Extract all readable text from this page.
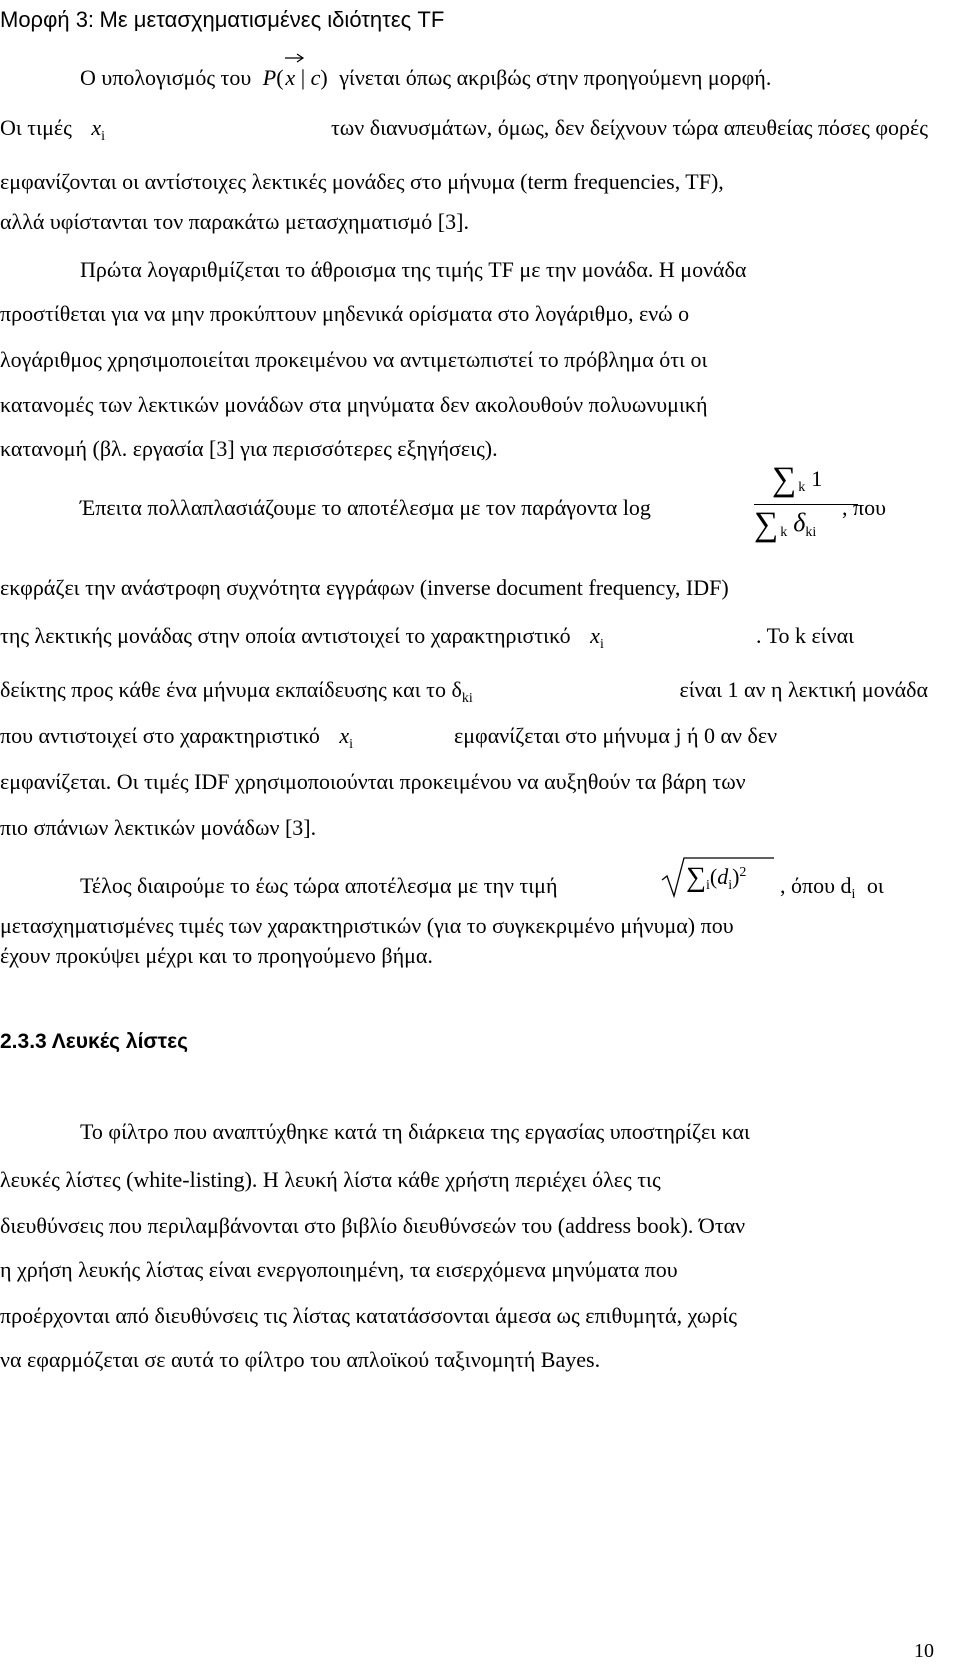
Μορφή 3: Με μετασχηματισμένες ιδιότητες TF
Ο υπολογισμός του P( x | c) γίνεται όπως ακριβώς στην προηγούμενη μορφή.
Οι τιμές $x_i$	των διανυσμάτων, όμως, δεν δείχνουν τώρα απευθείας πόσες φορές
εμφανίζονται οι αντίστοιχες λεκτικές μονάδες στο μήνυμα (term frequencies, TF),
αλλά υφίστανται τον παρακάτω μετασχηματισμό [3].
Πρώτα λογαριθμίζεται το άθροισμα της τιμής TF με την μονάδα. Η μονάδα
προστίθεται για να μην προκύπτουν μηδενικά ορίσματα στο λογάριθμο, ενώ ο
λογάριθμος χρησιμοποιείται προκειμένου να αντιμετωπιστεί το πρόβλημα ότι οι
κατανομές των λεκτικών μονάδων στα μηνύματα δεν ακολουθούν πολυωνυμική
κατανομή (βλ. εργασία [3] για περισσότερες εξηγήσεις).
Έπειτα πολλαπλασιάζουμε το αποτέλεσμα με τον παράγοντα log
∑ $_k$ 1
∑ $_k$ $\delta_{ki}$
, που
εκφράζει την ανάστροφη συχνότητα εγγράφων (inverse document frequency, IDF)
της λεκτικής μονάδας στην οποία αντιστοιχεί το χαρακτηριστικό $x_i$	. Το k είναι
δείκτης προς κάθε ένα μήνυμα εκπαίδευσης και το $\delta_{ki}$	είναι 1 αν η λεκτική μονάδα
που αντιστοιχεί στο χαρακτηριστικό $x_i$	εμφανίζεται στο μήνυμα j ή 0 αν δεν
εμφανίζεται. Οι τιμές IDF χρησιμοποιούνται προκειμένου να αυξηθούν τα βάρη των
πιο σπάνιων λεκτικών μονάδων [3].
Τέλος διαιρούμε το έως τώρα αποτέλεσμα με την τιμή	$\sum_i(d_i)^2$
, όπου $d_i$ οι
μετασχηματισμένες τιμές των χαρακτηριστικών (για το συγκεκριμένο μήνυμα) που
έχουν προκύψει μέχρι και το προηγούμενο βήμα.
2.3.3 Λευκές λίστες
Το φίλτρο που αναπτύχθηκε κατά τη διάρκεια της εργασίας υποστηρίζει και
λευκές λίστες (white-listing). Η λευκή λίστα κάθε χρήστη περιέχει όλες τις
διευθύνσεις που περιλαμβάνονται στο βιβλίο διευθύνσεών του (address book). Όταν
η χρήση λευκής λίστας είναι ενεργοποιημένη, τα εισερχόμενα μηνύματα που
προέρχονται από διευθύνσεις τις λίστας κατατάσσονται άμεσα ως επιθυμητά, χωρίς
να εφαρμόζεται σε αυτά το φίλτρο του απλοϊκού ταξινομητή Bayes.
10
